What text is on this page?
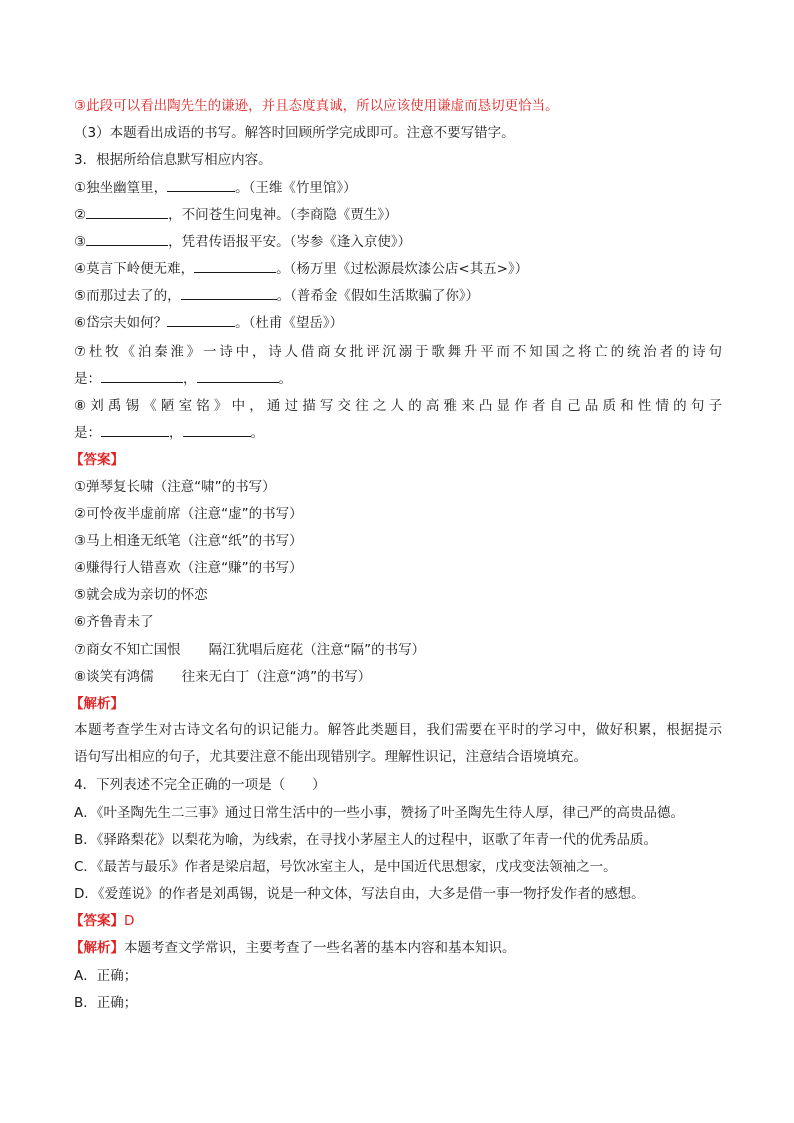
③此段可以看出陶先生的谦逊，并且态度真诚，所以应该使用谦虚而恳切更恰当。
（3）本题看出成语的书写。解答时回顾所学完成即可。注意不要写错字。
3．根据所给信息默写相应内容。
①独坐幽篁里，	。（王维《竹里馆》）
②	，不问苍生问鬼神。（李商隐《贾生》）
③	，凭君传语报平安。（岑参《逢入京使》）
④莫言下岭便无难，	。（杨万里《过松源晨炊漆公店<其五>》）
⑤而那过去了的，	。（普希金《假如生活欺骗了你》）
⑥岱宗夫如何？	。（杜甫《望岳》）
⑦杜牧《泊秦淮》一诗中，诗人借商女批评沉溺于歌舞升平而不知国之将亡的统治者的诗句
是：	，	。
⑧刘禹锡《陋室铭》中，通过描写交往之人的高雅来凸显作者自己品质和性情的句子
是：	，	。
【答案】
①弹琴复长啸（注意“啸”的书写）
②可怜夜半虚前席（注意“虚”的书写）
③马上相逢无纸笔（注意“纸”的书写）
④赚得行人错喜欢（注意“赚”的书写）
⑤就会成为亲切的怀恋
⑥齐鲁青未了
⑦商女不知亡国恨 隔江犹唱后庭花（注意“隔”的书写）
⑧谈笑有鸿儒 往来无白丁（注意“鸿”的书写）
【解析】
本题考查学生对古诗文名句的识记能力。解答此类题目，我们需要在平时的学习中，做好积累，根据提示
语句写出相应的句子，尤其要注意不能出现错别字。理解性识记，注意结合语境填充。
4．下列表述不完全正确的一项是（　　）
A．《叶圣陶先生二三事》通过日常生活中的一些小事，赞扬了叶圣陶先生待人厚，律己严的高贵品德。
B．《驿路梨花》以梨花为喻，为线索，在寻找小茅屋主人的过程中，讴歌了年青一代的优秀品质。
C．《最苦与最乐》作者是梁启超，号饮冰室主人，是中国近代思想家，戊戌变法领袖之一。
D．《爱莲说》的作者是刘禹锡，说是一种文体，写法自由，大多是借一事一物抒发作者的感想。
【答案】D
【解析】本题考查文学常识，主要考查了一些名著的基本内容和基本知识。
A．正确；
B．正确；
